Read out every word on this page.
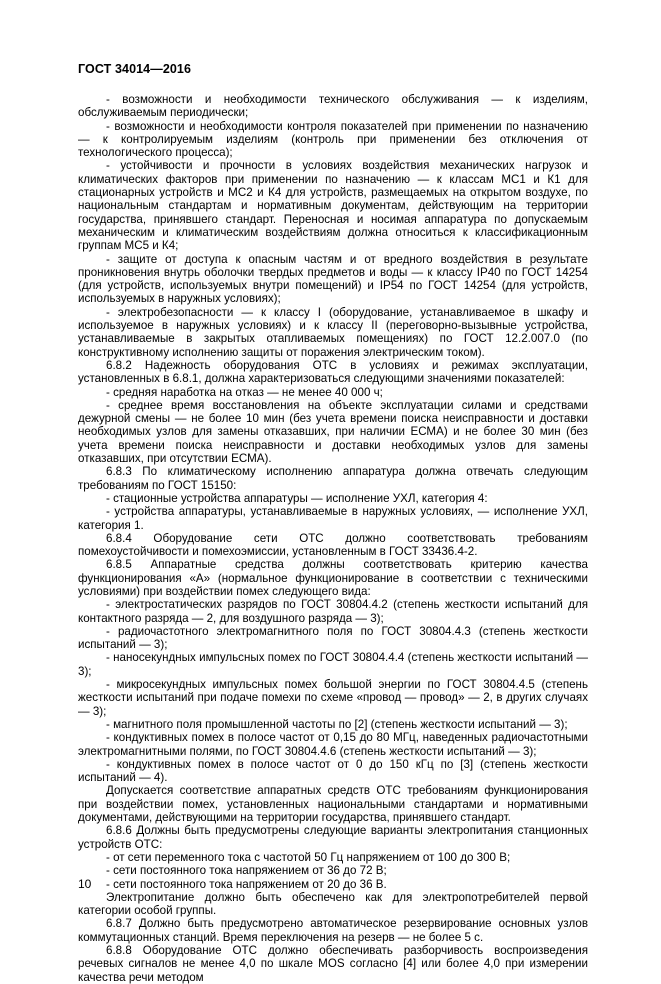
ГОСТ 34014—2016

- возможности и необходимости технического обслуживания — к изделиям, обслуживаемым периодически;

- возможности и необходимости контроля показателей при применении по назначению — к контролируемым изделиям (контроль при применении без отключения от технологического процесса);

- устойчивости и прочности в условиях воздействия механических нагрузок и климатических факторов при применении по назначению — к классам МС1 и К1 для стационарных устройств и МС2 и К4 для устройств, размещаемых на открытом воздухе, по национальным стандартам и нормативным документам, действующим на территории государства, принявшего стандарт. Переносная и носимая аппаратура по допускаемым механическим и климатическим воздействиям должна относиться к классификационным группам МС5 и К4;

- защите от доступа к опасным частям и от вредного воздействия в результате проникновения внутрь оболочки твердых предметов и воды — к классу IP40 по ГОСТ 14254 (для устройств, используемых внутри помещений) и IP54 по ГОСТ 14254 (для устройств, используемых в наружных условиях);

- электробезопасности — к классу I (оборудование, устанавливаемое в шкафу и используемое в наружных условиях) и к классу II (переговорно-вызывные устройства, устанавливаемые в закрытых отапливаемых помещениях) по ГОСТ 12.2.007.0 (по конструктивному исполнению защиты от поражения электрическим током).

6.8.2 Надежность оборудования ОТС в условиях и режимах эксплуатации, установленных в 6.8.1, должна характеризоваться следующими значениями показателей:

- средняя наработка на отказ — не менее 40 000 ч;

- среднее время восстановления на объекте эксплуатации силами и средствами дежурной смены — не более 10 мин (без учета времени поиска неисправности и доставки необходимых узлов для замены отказавших, при наличии ЕСМА) и не более 30 мин (без учета времени поиска неисправности и доставки необходимых узлов для замены отказавших, при отсутствии ЕСМА).

6.8.3 По климатическому исполнению аппаратура должна отвечать следующим требованиям по ГОСТ 15150:

- стационные устройства аппаратуры — исполнение УХЛ, категория 4:

- устройства аппаратуры, устанавливаемые в наружных условиях, — исполнение УХЛ, категория 1.

6.8.4 Оборудование сети ОТС должно соответствовать требованиям помехоустойчивости и помехоэмиссии, установленным в ГОСТ 33436.4-2.

6.8.5 Аппаратные средства должны соответствовать критерию качества функционирования «А» (нормальное функционирование в соответствии с техническими условиями) при воздействии помех следующего вида:

- электростатических разрядов по ГОСТ 30804.4.2 (степень жесткости испытаний для контактного разряда — 2, для воздушного разряда — 3);

- радиочастотного электромагнитного поля по ГОСТ 30804.4.3 (степень жесткости испытаний — 3);

- наносекундных импульсных помех по ГОСТ 30804.4.4 (степень жесткости испытаний — 3);

- микросекундных импульсных помех большой энергии по ГОСТ 30804.4.5 (степень жесткости испытаний при подаче помехи по схеме «провод — провод» — 2, в других случаях — 3);

- магнитного поля промышленной частоты по [2] (степень жесткости испытаний — 3);

- кондуктивных помех в полосе частот от 0,15 до 80 МГц, наведенных радиочастотными электромагнитными полями, по ГОСТ 30804.4.6 (степень жесткости испытаний — 3);

- кондуктивных помех в полосе частот от 0 до 150 кГц по [3] (степень жесткости испытаний — 4).

Допускается соответствие аппаратных средств ОТС требованиям функционирования при воздействии помех, установленных национальными стандартами и нормативными документами, действующими на территории государства, принявшего стандарт.

6.8.6 Должны быть предусмотрены следующие варианты электропитания станционных устройств ОТС:

- от сети переменного тока с частотой 50 Гц напряжением от 100 до 300 В;

- сети постоянного тока напряжением от 36 до 72 В;

- сети постоянного тока напряжением от 20 до 36 В.

Электропитание должно быть обеспечено как для электропотребителей первой категории особой группы.

6.8.7 Должно быть предусмотрено автоматическое резервирование основных узлов коммутационных станций. Время переключения на резерв — не более 5 с.

6.8.8 Оборудование ОТС должно обеспечивать разборчивость воспроизведения речевых сигналов не менее 4,0 по шкале MOS согласно [4] или более 4,0 при измерении качества речи методом

10
